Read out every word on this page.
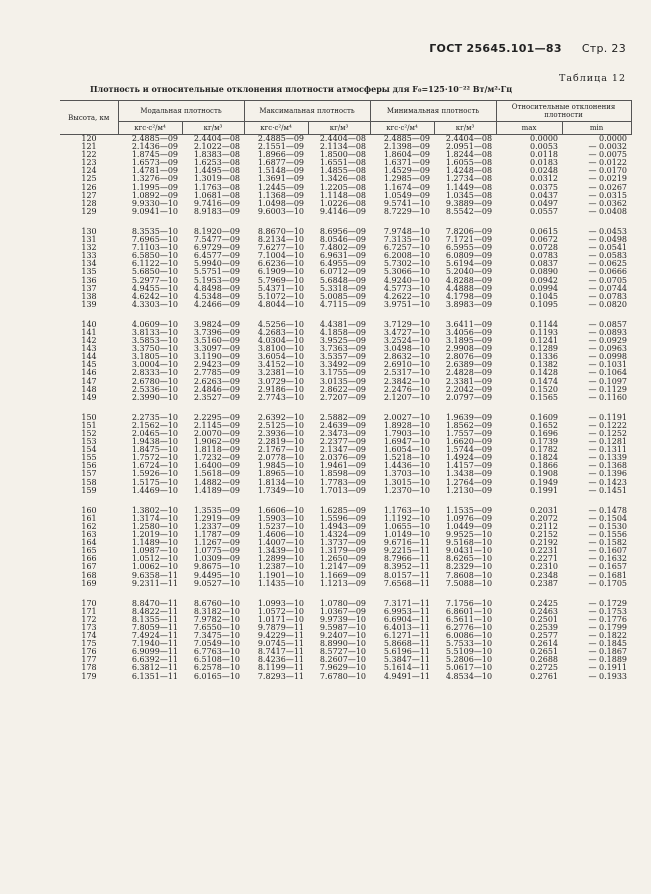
ГОСТ 25645.101—83 Стр. 23
Таблица 12
Плотность и относительные отклонения плотности атмосферы для F₀=125·10⁻²² Вт/м²·Гц
Высота, км	Модальная плотность		Максимальная плотность		Минимальная плотность		Относительные отклонения плотности	
	кгс·с²/м⁴	кг/м³	кгс·с²/м⁴	кг/м³	кгс·с²/м⁴	кг/м³	max	min
120	2.4885—09	2.4404—08	2.4885—09	2.4404—08	2.4885—09	2.4404—08	0.0000	0.0000
121	2.1436—09	2.1022—08	2.1551—09	2.1134—08	2.1398—09	2.0951—08	0.0053	— 0.0032
122	1.8745—09	1.8383—08	1.8966—09	1.8500—08	1.8604—09	1.8244—08	0.0118	— 0.0075
123	1.6573—09	1.6253—08	1.6877—09	1.6551—08	1.6371—09	1.6055—08	0.0183	— 0.0122
124	1.4781—09	1.4495—08	1.5148—09	1.4855—08	1.4529—09	1.4248—08	0.0248	— 0.0170
125	1.3276—09	1.3019—08	1.3691—09	1.3426—08	1.2985—09	1.2734—08	0.0312	— 0.0219
126	1.1995—09	1.1763—08	1.2445—09	1.2205—08	1.1674—09	1.1449—08	0.0375	— 0.0267
127	1.0892—09	1.0681—08	1.1368—09	1.1148—08	1.0549—09	1.0345—08	0.0437	— 0.0315
128	9.9330—10	9.7416—09	1.0498—09	1.0226—08	9.5741—10	9.3889—09	0.0497	— 0.0362
129	9.0941—10	8.9183—09	9.6003—10	9.4146—09	8.7229—10	8.5542—09	0.0557	— 0.0408

130	8.3535—10	8.1920—09	8.8670—10	8.6956—09	7.9748—10	7.8206—09	0.0615	— 0.0453
131	7.6965—10	7.5477—09	8.2134—10	8.0546—09	7.3135—10	7.1721—09	0.0672	— 0.0498
132	7.1103—10	6.9729—09	7.6277—10	7.4802—09	6.7257—10	6.5955—09	0.0728	— 0.0541
133	6.5850—10	6.4577—09	7.1004—10	6.9631—09	6.2008—10	6.0809—09	0.0783	— 0.0583
134	6.1122—10	5.9940—09	6.6236—10	6.4955—09	5.7302—10	5.6194—09	0.0837	— 0.0625
135	5.6850—10	5.5751—09	6.1909—10	6.0712—09	5.3066—10	5.2040—09	0.0890	— 0.0666
136	5.2977—10	5.1953—09	5.7969—10	5.6848—09	4.9240—10	4.8288—09	0.0942	— 0.0705
137	4.9455—10	4.8498—09	5.4371—10	5.3318—09	4.5773—10	4.4888—09	0.0994	— 0.0744
138	4.6242—10	4.5348—09	5.1072—10	5.0085—09	4.2622—10	4.1798—09	0.1045	— 0.0783
139	4.3303—10	4.2466—09	4.8044—10	4.7115—09	3.9751—10	3.8983—09	0.1095	— 0.0820

140	4.0609—10	3.9824—09	4.5256—10	4.4381—09	3.7129—10	3.6411—09	0.1144	— 0.0857
141	3.8133—10	3.7396—09	4.2683—10	4.1858—09	3.4727—10	3.4056—09	0.1193	— 0.0893
142	3.5853—10	3.5160—09	4.0304—10	3.9525—09	3.2524—10	3.1895—09	0.1241	— 0.0929
143	3.3750—10	3.3097—09	3.8100—10	3.7363—09	3.0498—10	2.9908—09	0.1289	— 0.0963
144	3.1805—10	3.1190—09	3.6054—10	3.5357—09	2.8632—10	2.8076—09	0.1336	— 0.0998
145	3.0004—10	2.9423—09	3.4152—10	3.3492—09	2.6910—10	2.6389—09	0.1382	— 0.1031
146	2.8333—10	2.7785—09	3.2381—10	3.1755—09	2.5317—10	2.4828—09	0.1428	— 0.1064
147	2.6780—10	2.6263—09	3.0729—10	3.0135—09	2.3842—10	2.3381—09	0.1474	— 0.1097
148	2.5336—10	2.4846—09	2.9186—10	2.8622—09	2.2476—10	2.2042—09	0.1520	— 0.1129
149	2.3990—10	2.3527—09	2.7743—10	2.7207—09	2.1207—10	2.0797—09	0.1565	— 0.1160

150	2.2735—10	2.2295—09	2.6392—10	2.5882—09	2.0027—10	1.9639—09	0.1609	— 0.1191
151	2.1562—10	2.1145—09	2.5125—10	2.4639—09	1.8928—10	1.8562—09	0.1652	— 0.1222
152	2.0465—10	2.0070—09	2.3936—10	2.3473—09	1.7903—10	1.7557—09	0.1696	— 0.1252
153	1.9438—10	1.9062—09	2.2819—10	2.2377—09	1.6947—10	1.6620—09	0.1739	— 0.1281
154	1.8475—10	1.8118—09	2.1767—10	2.1347—09	1.6054—10	1.5744—09	0.1782	— 0.1311
155	1.7572—10	1.7232—09	2.0778—10	2.0376—09	1.5218—10	1.4924—09	0.1824	— 0.1339
156	1.6724—10	1.6400—09	1.9845—10	1.9461—09	1.4436—10	1.4157—09	0.1866	— 0.1368
157	1.5926—10	1.5618—09	1.8965—10	1.8598—09	1.3703—10	1.3438—09	0.1908	— 0.1396
158	1.5175—10	1.4882—09	1.8134—10	1.7783—09	1.3015—10	1.2764—09	0.1949	— 0.1423
159	1.4469—10	1.4189—09	1.7349—10	1.7013—09	1.2370—10	1.2130—09	0.1991	— 0.1451

160	1.3802—10	1.3535—09	1.6606—10	1.6285—09	1.1763—10	1.1535—09	0.2031	— 0.1478
161	1.3174—10	1.2919—09	1.5903—10	1.5596—09	1.1192—10	1.0976—09	0.2072	— 0.1504
162	1.2580—10	1.2337—09	1.5237—10	1.4943—09	1.0655—10	1.0449—09	0.2112	— 0.1530
163	1.2019—10	1.1787—09	1.4606—10	1.4324—09	1.0149—10	9.9525—10	0.2152	— 0.1556
164	1.1489—10	1.1267—09	1.4007—10	1.3737—09	9.6716—11	9.5168—10	0.2192	— 0.1582
165	1.0987—10	1.0775—09	1.3439—10	1.3179—09	9.2215—11	9.0431—10	0.2231	— 0.1607
166	1.0512—10	1.0309—09	1.2899—10	1.2650—09	8.7966—11	8.6265—10	0.2271	— 0.1632
167	1.0062—10	9.8675—10	1.2387—10	1.2147—09	8.3952—11	8.2329—10	0.2310	— 0.1657
168	9.6358—11	9.4495—10	1.1901—10	1.1669—09	8.0157—11	7.8608—10	0.2348	— 0.1681
169	9.2311—11	9.0527—10	1.1435—10	1.1213—09	7.6568—11	7.5088—10	0.2387	— 0.1705

170	8.8470—11	8.6760—10	1.0993—10	1.0780—09	7.3171—11	7.1756—10	0.2425	— 0.1729
171	8.4822—11	8.3182—10	1.0572—10	1.0367—09	6.9953—11	6.8601—10	0.2463	— 0.1753
172	8.1355—11	7.9782—10	1.0171—10	9.9739—10	6.6904—11	6.5611—10	0.2501	— 0.1776
173	7.8059—11	7.6550—10	9.7879—11	9.5987—10	6.4013—11	6.2776—10	0.2539	— 0.1799
174	7.4924—11	7.3475—10	9.4229—11	9.2407—10	6.1271—11	6.0086—10	0.2577	— 0.1822
175	7.1940—11	7.0549—10	9.0745—11	8.8990—10	5.8668—11	5.7533—10	0.2614	— 0.1845
176	6.9099—11	6.7763—10	8.7417—11	8.5727—10	5.6196—11	5.5109—10	0.2651	— 0.1867
177	6.6392—11	6.5108—10	8.4236—11	8.2607—10	5.3847—11	5.2806—10	0.2688	— 0.1889
178	6.3812—11	6.2578—10	8.1199—11	7.9629—10	5.1614—11	5.0617—10	0.2725	— 0.1911
179	6.1351—11	6.0165—10	7.8293—11	7.6780—10	4.9491—11	4.8534—10	0.2761	— 0.1933
